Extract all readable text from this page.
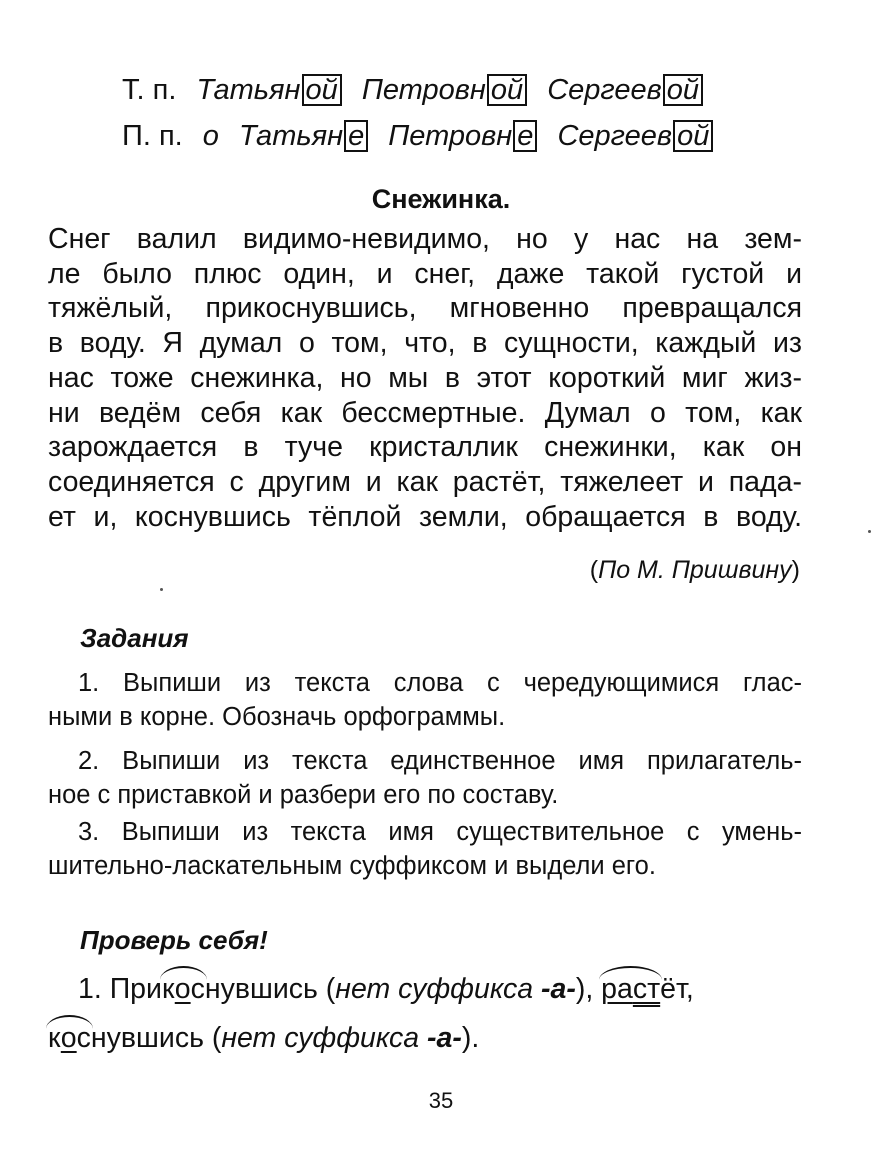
Т. п. Татьян ой Петровн ой Сергеев ой
П. п. о Татьян е Петровн е Сергеев ой
Снежинка.
Снег валил видимо-невидимо, но у нас на зем-
ле было плюс один, и снег, даже такой густой и
тяжёлый, прикоснувшись, мгновенно превращался
в воду. Я думал о том, что, в сущности, каждый из
нас тоже снежинка, но мы в этот короткий миг жиз-
ни ведём себя как бессмертные. Думал о том, как
зарождается в туче кристаллик снежинки, как он
соединяется с другим и как растёт, тяжелеет и пада-
ет и, коснувшись тёплой земли, обращается в воду.
(По М. Пришвину)
Задания
1. Выпиши из текста слова с чередующимися глас-
ными в корне. Обозначь орфограммы.
2. Выпиши из текста единственное имя прилагатель-
ное с приставкой и разбери его по составу.
3. Выпиши из текста имя существительное с умень-
шительно-ласкательным суффиксом и выдели его.
Проверь себя!
1. При
коснувшись (нет суффикса -а-),
растёт,
коснувшись (нет суффикса -а-).
35
